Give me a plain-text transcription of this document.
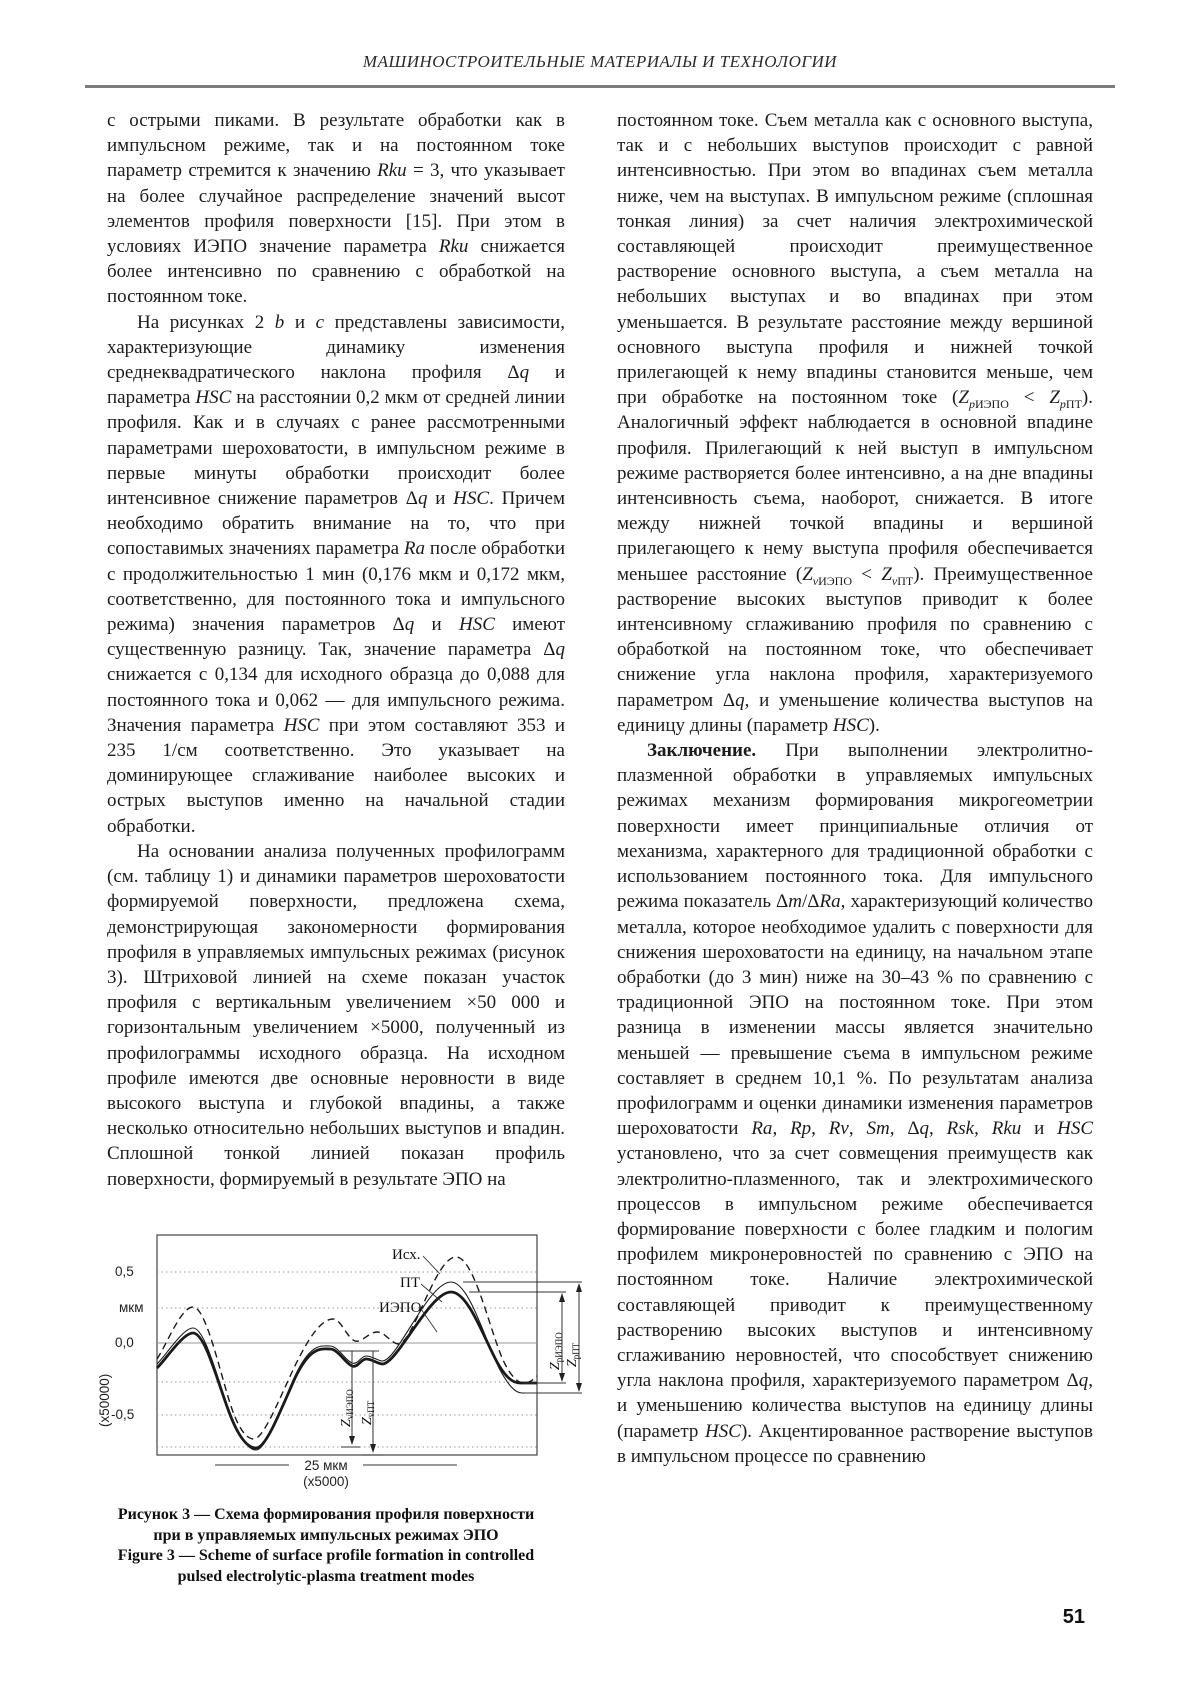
МАШИНОСТРОИТЕЛЬНЫЕ МАТЕРИАЛЫ И ТЕХНОЛОГИИ

с острыми пиками. В результате обработки как в импульсном режиме, так и на постоянном токе параметр стремится к значению Rku = 3, что указывает на более случайное распределение значений высот элементов профиля поверхности [15]. При этом в условиях ИЭПО значение параметра Rku снижается более интенсивно по сравнению с обработкой на постоянном токе.

На рисунках 2 b и c представлены зависимости, характеризующие динамику изменения среднеквадратического наклона профиля Δq и параметра HSC на расстоянии 0,2 мкм от средней линии профиля. Как и в случаях с ранее рассмотренными параметрами шероховатости, в импульсном режиме в первые минуты обработки происходит более интенсивное снижение параметров Δq и HSC. Причем необходимо обратить внимание на то, что при сопоставимых значениях параметра Ra после обработки с продолжительностью 1 мин (0,176 мкм и 0,172 мкм, соответственно, для постоянного тока и импульсного режима) значения параметров Δq и HSC имеют существенную разницу. Так, значение параметра Δq снижается с 0,134 для исходного образца до 0,088 для постоянного тока и 0,062 — для импульсного режима. Значения параметра HSC при этом составляют 353 и 235 1/см соответственно. Это указывает на доминирующее сглаживание наиболее высоких и острых выступов именно на начальной стадии обработки.

На основании анализа полученных профилограмм (см. таблицу 1) и динамики параметров шероховатости формируемой поверхности, предложена схема, демонстрирующая закономерности формирования профиля в управляемых импульсных режимах (рисунок 3). Штриховой линией на схеме показан участок профиля с вертикальным увеличением ×50 000 и горизонтальным увеличением ×5000, полученный из профилограммы исходного образца. На исходном профиле имеются две основные неровности в виде высокого выступа и глубокой впадины, а также несколько относительно небольших выступов и впадин. Сплошной тонкой линией показан профиль поверхности, формируемый в результате ЭПО на

постоянном токе. Съем металла как с основного выступа, так и с небольших выступов происходит с равной интенсивностью. При этом во впадинах съем металла ниже, чем на выступах. В импульсном режиме (сплошная тонкая линия) за счет наличия электрохимической составляющей происходит преимущественное растворение основного выступа, а съем металла на небольших выступах и во впадинах при этом уменьшается. В результате расстояние между вершиной основного выступа профиля и нижней точкой прилегающей к нему впадины становится меньше, чем при обработке на постоянном токе $(Z_{pИЭПО} < Z_{pПТ})$. Аналогичный эффект наблюдается в основной впадине профиля. Прилегающий к ней выступ в импульсном режиме растворяется более интенсивно, а на дне впадины интенсивность съема, наоборот, снижается. В итоге между нижней точкой впадины и вершиной прилегающего к нему выступа профиля обеспечивается меньшее расстояние $(Z_{vИЭПО} < Z_{vПТ})$. Преимущественное растворение высоких выступов приводит к более интенсивному сглаживанию профиля по сравнению с обработкой на постоянном токе, что обеспечивает снижение угла наклона профиля, характеризуемого параметром Δq, и уменьшение количества выступов на единицу длины (параметр HSC).

Заключение. При выполнении электролитно-плазменной обработки в управляемых импульсных режимах механизм формирования микрогеометрии поверхности имеет принципиальные отличия от механизма, характерного для традиционной обработки с использованием постоянного тока. Для импульсного режима показатель Δm/ΔRa, характеризующий количество металла, которое необходимое удалить с поверхности для снижения шероховатости на единицу, на начальном этапе обработки (до 3 мин) ниже на 30–43 % по сравнению с традиционной ЭПО на постоянном токе. При этом разница в изменении массы является значительно меньшей — превышение съема в импульсном режиме составляет в среднем 10,1 %. По результатам анализа профилограмм и оценки динамики изменения параметров шероховатости Ra, Rp, Rv, Sm, Δq, Rsk, Rku и HSC установлено, что за счет совмещения преимуществ как электролитно-плазменного, так и электрохимического процессов в импульсном режиме обеспечивается формирование поверхности с более гладким и пологим профилем микронеровностей по сравнению с ЭПО на постоянном токе. Наличие электрохимической составляющей приводит к преимущественному растворению высоких выступов и интенсивному сглаживанию неровностей, что способствует снижению угла наклона профиля, характеризуемого параметром Δq, и уменьшению количества выступов на единицу длины (параметр HSC). Акцентированное растворение выступов в импульсном процессе по сравнению

0,5
мкм
0,0
-0,5
(x50000)
Исх.
ПТ
ИЭПО
$Z_{vИЭПО}$
$Z_{vПТ}$
$Z_{pИЭПО}$
$Z_{pПТ}$
25 мкм
(x5000)
Рисунок 3 — Схема формирования профиля поверхности
при в управляемых импульсных режимах ЭПО
Figure 3 — Scheme of surface profile formation in controlled
pulsed electrolytic-plasma treatment modes
51
